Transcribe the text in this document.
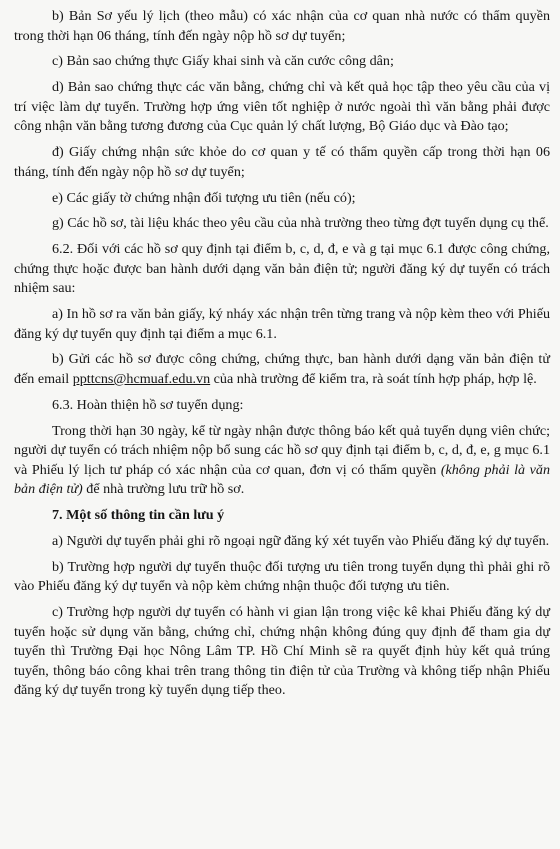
b) Bản Sơ yếu lý lịch (theo mẫu) có xác nhận của cơ quan nhà nước có thẩm quyền trong thời hạn 06 tháng, tính đến ngày nộp hồ sơ dự tuyển;

c) Bản sao chứng thực Giấy khai sinh và căn cước công dân;

d) Bản sao chứng thực các văn bằng, chứng chỉ và kết quả học tập theo yêu cầu của vị trí việc làm dự tuyển. Trường hợp ứng viên tốt nghiệp ở nước ngoài thì văn bằng phải được công nhận văn bằng tương đương của Cục quản lý chất lượng, Bộ Giáo dục và Đào tạo;

đ) Giấy chứng nhận sức khỏe do cơ quan y tế có thẩm quyền cấp trong thời hạn 06 tháng, tính đến ngày nộp hồ sơ dự tuyển;

e) Các giấy tờ chứng nhận đối tượng ưu tiên (nếu có);

g) Các hồ sơ, tài liệu khác theo yêu cầu của nhà trường theo từng đợt tuyển dụng cụ thể.

6.2. Đối với các hồ sơ quy định tại điểm b, c, d, đ, e và g tại mục 6.1 được công chứng, chứng thực hoặc được ban hành dưới dạng văn bản điện tử; người đăng ký dự tuyển có trách nhiệm sau:

a) In hồ sơ ra văn bản giấy, ký nháy xác nhận trên từng trang và nộp kèm theo với Phiếu đăng ký dự tuyển quy định tại điểm a mục 6.1.

b) Gửi các hồ sơ được công chứng, chứng thực, ban hành dưới dạng văn bản điện tử đến email ppttcns@hcmuaf.edu.vn của nhà trường để kiểm tra, rà soát tính hợp pháp, hợp lệ.

6.3. Hoàn thiện hồ sơ tuyển dụng:

Trong thời hạn 30 ngày, kể từ ngày nhận được thông báo kết quả tuyển dụng viên chức; người dự tuyển có trách nhiệm nộp bổ sung các hồ sơ quy định tại điểm b, c, d, đ, e, g mục 6.1 và Phiếu lý lịch tư pháp có xác nhận của cơ quan, đơn vị có thẩm quyền (không phải là văn bản điện tử) để nhà trường lưu trữ hồ sơ.

7. Một số thông tin cần lưu ý

a) Người dự tuyển phải ghi rõ ngoại ngữ đăng ký xét tuyển vào Phiếu đăng ký dự tuyển.

b) Trường hợp người dự tuyển thuộc đối tượng ưu tiên trong tuyển dụng thì phải ghi rõ vào Phiếu đăng ký dự tuyển và nộp kèm chứng nhận thuộc đối tượng ưu tiên.

c) Trường hợp người dự tuyển có hành vi gian lận trong việc kê khai Phiếu đăng ký dự tuyển hoặc sử dụng văn bằng, chứng chỉ, chứng nhận không đúng quy định để tham gia dự tuyển thì Trường Đại học Nông Lâm TP. Hồ Chí Minh sẽ ra quyết định hủy kết quả trúng tuyển, thông báo công khai trên trang thông tin điện tử của Trường và không tiếp nhận Phiếu đăng ký dự tuyển trong kỳ tuyển dụng tiếp theo.
